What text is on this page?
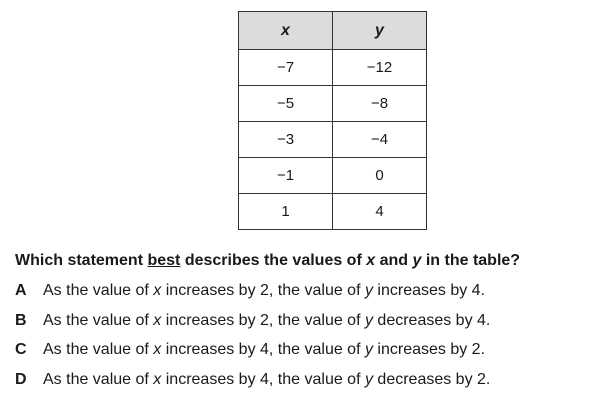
x	y
−7	−12
−5	−8
−3	−4
−1	0
1	4
Which statement best describes the values of x and y in the table?
A	As the value of x increases by 2, the value of y increases by 4.
B	As the value of x increases by 2, the value of y decreases by 4.
C	As the value of x increases by 4, the value of y increases by 2.
D	As the value of x increases by 4, the value of y decreases by 2.
